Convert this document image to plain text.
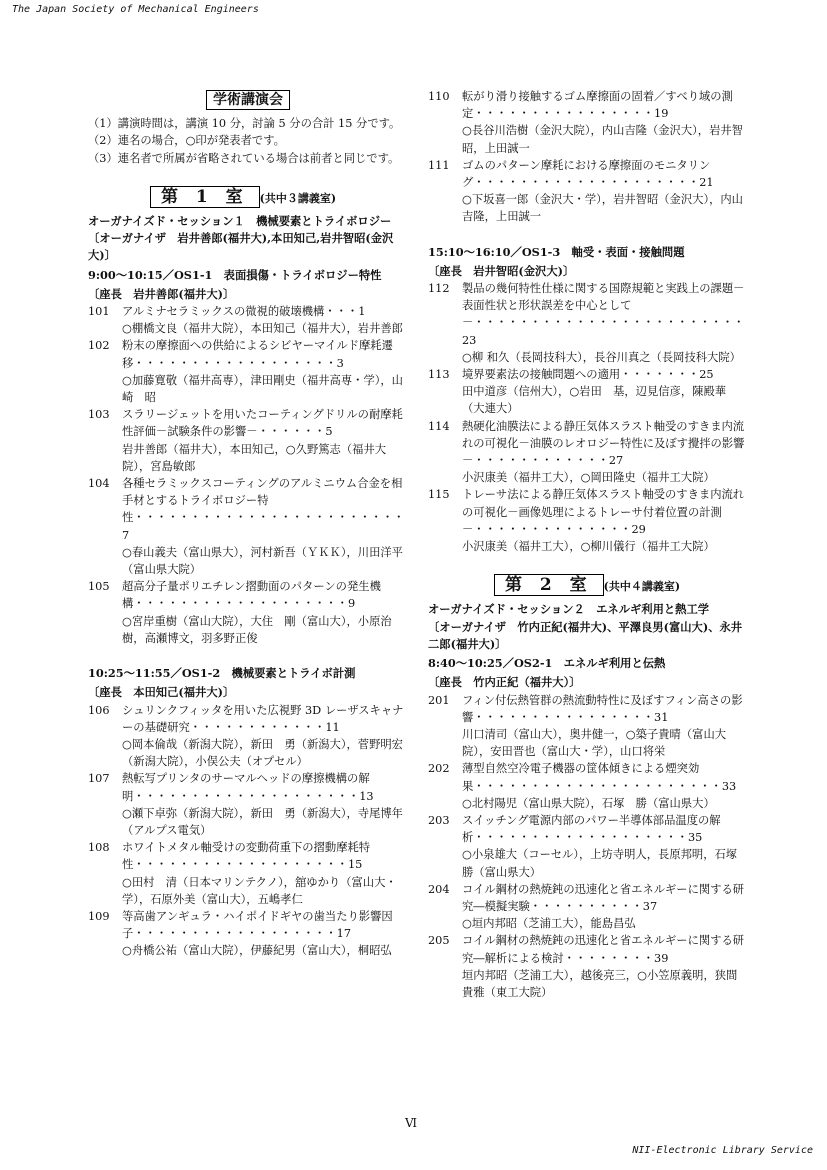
The Japan Society of Mechanical Engineers
学術講演会
（1）講演時間は，講演 10 分，討論 5 分の合計 15 分です。
（2）連名の場合，○印が発表者です。
（3）連名者で所属が省略されている場合は前者と同じです。
第 1 室 (共中３講義室)
オーガナイズド・セッション１　機械要素とトライボロジー
〔オーガナイザ　岩井善郎(福井大),本田知己,岩井智昭(金沢大)〕
9:00～10:15／OS1-1　表面損傷・トライボロジー特性
〔座長　岩井善郎(福井大)〕
101 アルミナセラミックスの微視的破壊機構・・・1
○棚橋文良（福井大院），本田知己（福井大），岩井善郎
102 粉末の摩擦面への供給によるシビヤーマイルド摩耗遷移・・・・・・・・・・・・・・・・・・3
○加藤寛敬（福井高専），津田剛史（福井高専・学），山崎　昭
103 スラリージェットを用いたコーティングドリルの耐摩耗性評価－試験条件の影響－・・・・・・5
岩井善郎（福井大），本田知己，○久野篤志（福井大院），宮島敏郎
104 各種セラミックスコーティングのアルミニウム合金を相手材とするトライボロジー特性・・・・・・・・・・・・・・・・・・・・・・・・7
○春山義夫（富山県大），河村新吾（ＹＫＫ），川田洋平（富山県大院）
105 超高分子量ポリエチレン摺動面のパターンの発生機構・・・・・・・・・・・・・・・・・・・9
○宮岸重樹（富山大院），大住　剛（富山大），小原治樹，高瀬博文，羽多野正俊
10:25～11:55／OS1-2　機械要素とトライボ計測
〔座長　本田知己(福井大)〕
106 シュリンクフィッタを用いた広視野 3D レーザスキャナーの基礎研究・・・・・・・・・・・・11
○岡本倫哉（新潟大院），新田　勇（新潟大），菅野明宏（新潟大院），小俣公夫（オプセル）
107 熱転写プリンタのサーマルヘッドの摩擦機構の解明・・・・・・・・・・・・・・・・・・・・13
○瀬下卓弥（新潟大院），新田　勇（新潟大），寺尾博年（アルプス電気）
108 ホワイトメタル軸受けの変動荷重下の摺動摩耗特性・・・・・・・・・・・・・・・・・・・15
○田村　清（日本マリンテクノ），舘ゆかり（富山大・学），石原外美（富山大），五嶋孝仁
109 等高歯アンギュラ・ハイポイドギヤの歯当たり影響因子・・・・・・・・・・・・・・・・・・17
○舟橋公祐（富山大院），伊藤紀男（富山大），桐昭弘
110 転がり滑り接触するゴム摩擦面の固着／すべり域の測定・・・・・・・・・・・・・・・・19
○長谷川浩樹（金沢大院），内山吉隆（金沢大），岩井智昭，上田誠一
111 ゴムのパターン摩耗における摩擦面のモニタリング・・・・・・・・・・・・・・・・・・・・21
○下坂喜一郎（金沢大・学），岩井智昭（金沢大），内山吉隆，上田誠一
15:10～16:10／OS1-3　軸受・表面・接触問題
〔座長　岩井智昭(金沢大)〕
112 製品の幾何特性仕様に関する国際規範と実践上の課題－表面性状と形状誤差を中心として－・・・・・・・・・・・・・・・・・・・・・・・・23
○柳 和久（長岡技科大），長谷川真之（長岡技科大院）
113 境界要素法の接触問題への適用・・・・・・・25
田中道彦（信州大），○岩田　基，辺見信彦，陳殿華（大連大）
114 熱硬化油膜法による静圧気体スラスト軸受のすきま内流れの可視化－油膜のレオロジー特性に及ぼす攪拌の影響－・・・・・・・・・・・・27
小沢康美（福井工大），○岡田隆史（福井工大院）
115 トレーサ法による静圧気体スラスト軸受のすきま内流れの可視化－画像処理によるトレーサ付着位置の計測－・・・・・・・・・・・・・・29
小沢康美（福井工大），○柳川儀行（福井工大院）
第 2 室 (共中４講義室)
オーガナイズド・セッション２　エネルギ利用と熱工学
〔オーガナイザ　竹内正紀(福井大)、平澤良男(富山大)、永井二郎(福井大)〕
8:40～10:25／OS2-1　エネルギ利用と伝熱
〔座長　竹内正紀（福井大）〕
201 フィン付伝熱管群の熱流動特性に及ぼすフィン高さの影響・・・・・・・・・・・・・・・・31
川口清司（富山大），奥井健一，○築子貴晴（富山大院），安田晋也（富山大・学），山口将栄
202 薄型自然空冷電子機器の筐体傾きによる煙突効果・・・・・・・・・・・・・・・・・・・・・・33
○北村陽児（富山県大院），石塚　勝（富山県大）
203 スイッチング電源内部のパワー半導体部品温度の解析・・・・・・・・・・・・・・・・・・・35
○小泉雄大（コーセル），上坊寺明人，長原邦明，石塚　勝（富山県大）
204 コイル鋼材の熱焼鈍の迅速化と省エネルギーに関する研究―模擬実験・・・・・・・・・・37
○垣内邦昭（芝浦工大），能島昌弘
205 コイル鋼材の熱焼鈍の迅速化と省エネルギーに関する研究―解析による検討・・・・・・・・39
垣内邦昭（芝浦工大），越後亮三，○小笠原義明，狭間貴雅（東工大院）
Ⅵ
NII-Electronic Library Service
